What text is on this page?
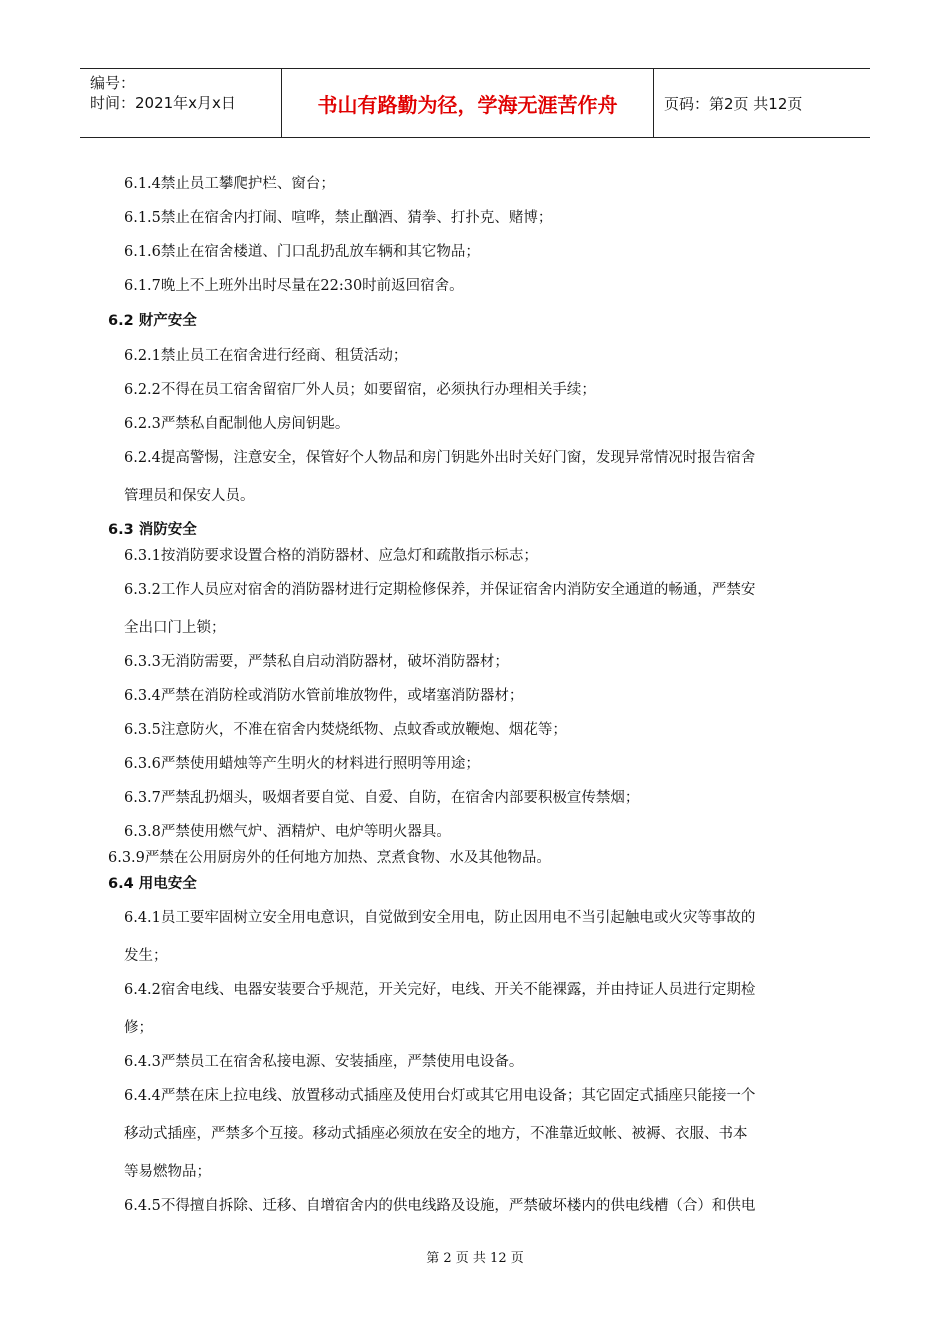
编号：
时间：2021年x月x日	书山有路勤为径，学海无涯苦作舟	页码：第2页 共12页
6.1.4禁止员工攀爬护栏、窗台；
6.1.5禁止在宿舍内打闹、喧哗，禁止酗酒、猜拳、打扑克、赌博；
6.1.6禁止在宿舍楼道、门口乱扔乱放车辆和其它物品；
6.1.7晚上不上班外出时尽量在22:30时前返回宿舍。
6.2 财产安全
6.2.1禁止员工在宿舍进行经商、租赁活动；
6.2.2不得在员工宿舍留宿厂外人员；如要留宿，必须执行办理相关手续；
6.2.3严禁私自配制他人房间钥匙。
6.2.4提高警惕，注意安全，保管好个人物品和房门钥匙外出时关好门窗，发现异常情况时报告宿舍
管理员和保安人员。
6.3 消防安全
6.3.1按消防要求设置合格的消防器材、应急灯和疏散指示标志；
6.3.2工作人员应对宿舍的消防器材进行定期检修保养，并保证宿舍内消防安全通道的畅通，严禁安
全出口门上锁；
6.3.3无消防需要，严禁私自启动消防器材，破坏消防器材；
6.3.4严禁在消防栓或消防水管前堆放物件，或堵塞消防器材；
6.3.5注意防火，不准在宿舍内焚烧纸物、点蚊香或放鞭炮、烟花等；
6.3.6严禁使用蜡烛等产生明火的材料进行照明等用途；
6.3.7严禁乱扔烟头，吸烟者要自觉、自爱、自防，在宿舍内部要积极宣传禁烟；
6.3.8严禁使用燃气炉、酒精炉、电炉等明火器具。
6.3.9严禁在公用厨房外的任何地方加热、烹煮食物、水及其他物品。
6.4 用电安全
6.4.1员工要牢固树立安全用电意识，自觉做到安全用电，防止因用电不当引起触电或火灾等事故的
发生；
6.4.2宿舍电线、电器安装要合乎规范，开关完好，电线、开关不能裸露，并由持证人员进行定期检
修；
6.4.3严禁员工在宿舍私接电源、安装插座，严禁使用电设备。
6.4.4严禁在床上拉电线、放置移动式插座及使用台灯或其它用电设备；其它固定式插座只能接一个
移动式插座，严禁多个互接。移动式插座必须放在安全的地方，不准靠近蚊帐、被褥、衣服、书本
等易燃物品；
6.4.5不得擅自拆除、迁移、自增宿舍内的供电线路及设施，严禁破坏楼内的供电线槽（合）和供电
第 2 页 共 12 页
